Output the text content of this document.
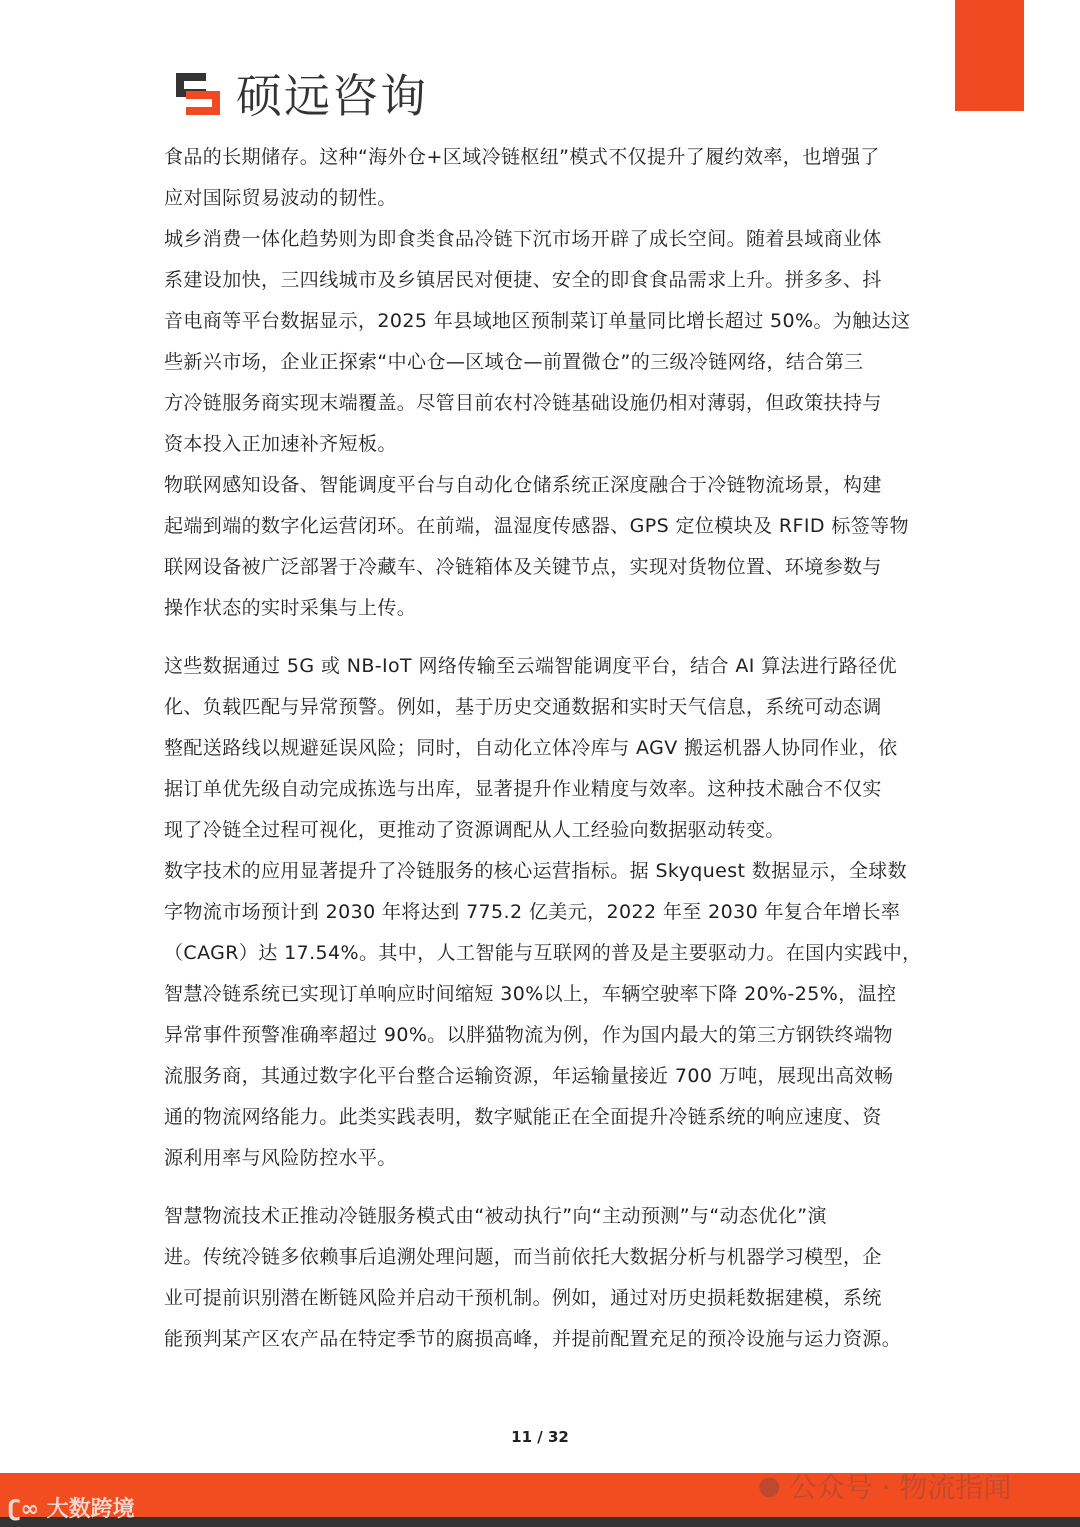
硕远咨询
食品的长期储存。这种“海外仓+区域冷链枢纽”模式不仅提升了履约效率，也增强了
应对国际贸易波动的韧性。
城乡消费一体化趋势则为即食类食品冷链下沉市场开辟了成长空间。随着县域商业体
系建设加快，三四线城市及乡镇居民对便捷、安全的即食食品需求上升。拼多多、抖
音电商等平台数据显示，2025 年县域地区预制菜订单量同比增长超过 50%。为触达这
些新兴市场，企业正探索“中心仓—区域仓—前置微仓”的三级冷链网络，结合第三
方冷链服务商实现末端覆盖。尽管目前农村冷链基础设施仍相对薄弱，但政策扶持与
资本投入正加速补齐短板。
物联网感知设备、智能调度平台与自动化仓储系统正深度融合于冷链物流场景，构建
起端到端的数字化运营闭环。在前端，温湿度传感器、GPS 定位模块及 RFID 标签等物
联网设备被广泛部署于冷藏车、冷链箱体及关键节点，实现对货物位置、环境参数与
操作状态的实时采集与上传。
这些数据通过 5G 或 NB-IoT 网络传输至云端智能调度平台，结合 AI 算法进行路径优
化、负载匹配与异常预警。例如，基于历史交通数据和实时天气信息，系统可动态调
整配送路线以规避延误风险；同时，自动化立体冷库与 AGV 搬运机器人协同作业，依
据订单优先级自动完成拣选与出库，显著提升作业精度与效率。这种技术融合不仅实
现了冷链全过程可视化，更推动了资源调配从人工经验向数据驱动转变。
数字技术的应用显著提升了冷链服务的核心运营指标。据 Skyquest 数据显示，全球数
字物流市场预计到 2030 年将达到 775.2 亿美元，2022 年至 2030 年复合年增长率
（CAGR）达 17.54%。其中，人工智能与互联网的普及是主要驱动力。在国内实践中，
智慧冷链系统已实现订单响应时间缩短 30%以上，车辆空驶率下降 20%-25%，温控
异常事件预警准确率超过 90%。以胖猫物流为例，作为国内最大的第三方钢铁终端物
流服务商，其通过数字化平台整合运输资源，年运输量接近 700 万吨，展现出高效畅
通的物流网络能力。此类实践表明，数字赋能正在全面提升冷链系统的响应速度、资
源利用率与风险防控水平。
智慧物流技术正推动冷链服务模式由“被动执行”向“主动预测”与“动态优化”演
进。传统冷链多依赖事后追溯处理问题，而当前依托大数据分析与机器学习模型，企
业可提前识别潜在断链风险并启动干预机制。例如，通过对历史损耗数据建模，系统
能预判某产区农产品在特定季节的腐损高峰，并提前配置充足的预冷设施与运力资源。
11 / 32
ʗ∞ 大数跨境
● 公众号 · 物流指闻
